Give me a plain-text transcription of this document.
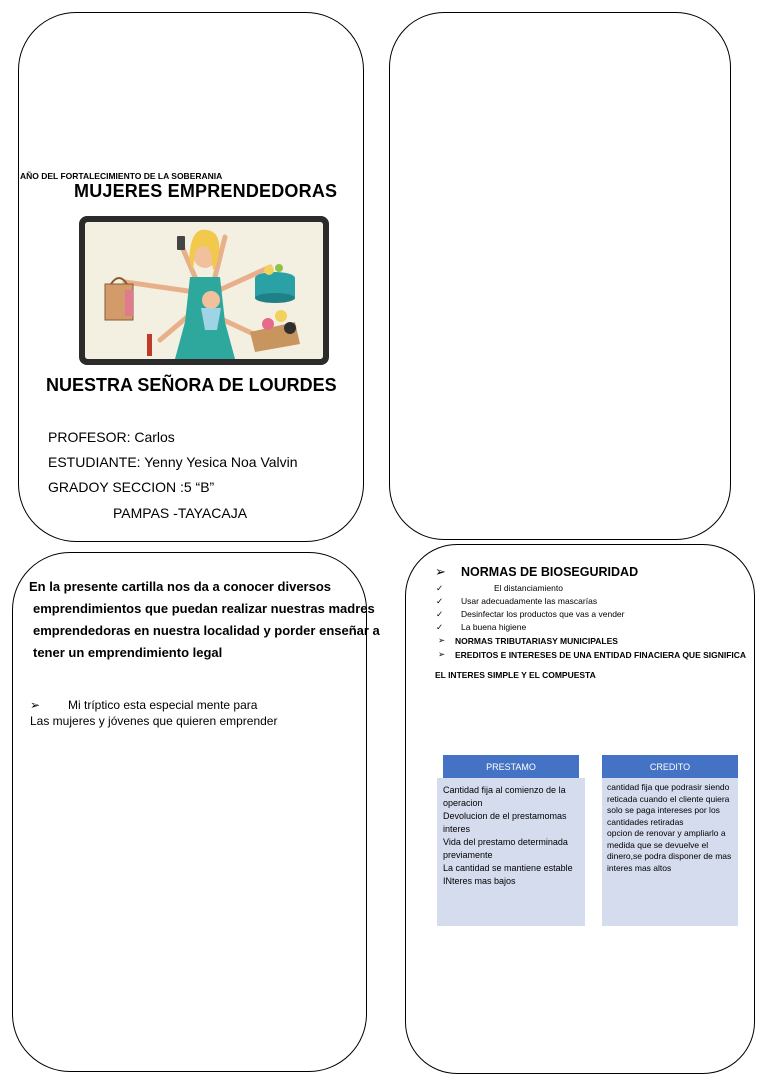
AÑO DEL FORTALECIMIENTO DE LA SOBERANIA
MUJERES EMPRENDEDORAS
NUESTRA SEÑORA DE LOURDES
PROFESOR: Carlos
ESTUDIANTE: Yenny Yesica Noa Valvin
GRADOY SECCION :5 “B”
PAMPAS -TAYACAJA
En la presente cartilla nos da a conocer diversos
emprendimientos que puedan realizar nuestras madres
emprendedoras en nuestra localidad y porder enseñar a
tener un emprendimiento legal
➢ Mi tríptico esta especial mente para
Las mujeres y jóvenes que quieren emprender
➢ NORMAS DE BIOSEGURIDAD
✓	El distanciamiento
✓ Usar adecuadamente las mascarías
✓ Desinfectar los productos que vas a vender
✓ La buena higiene
➢ NORMAS TRIBUTARIASY MUNICIPALES
➢ EREDITOS E INTERESES DE UNA ENTIDAD FINACIERA QUE SIGNIFICA
EL INTERES SIMPLE Y EL COMPUESTA
PRESTAMO
Cantidad fija al comienzo de la operacion
Devolucion de el prestamomas interes
Vida del prestamo determinada previamente
La cantidad se mantiene estable
INteres mas bajos
CREDITO
cantidad fija que podrasir siendo reticada cuando el cliente quiera
solo se paga intereses por los cantidades retiradas
opcion de renovar y ampliarlo a medida que se devuelve el dinero,se podra disponer de mas
interes mas altos
